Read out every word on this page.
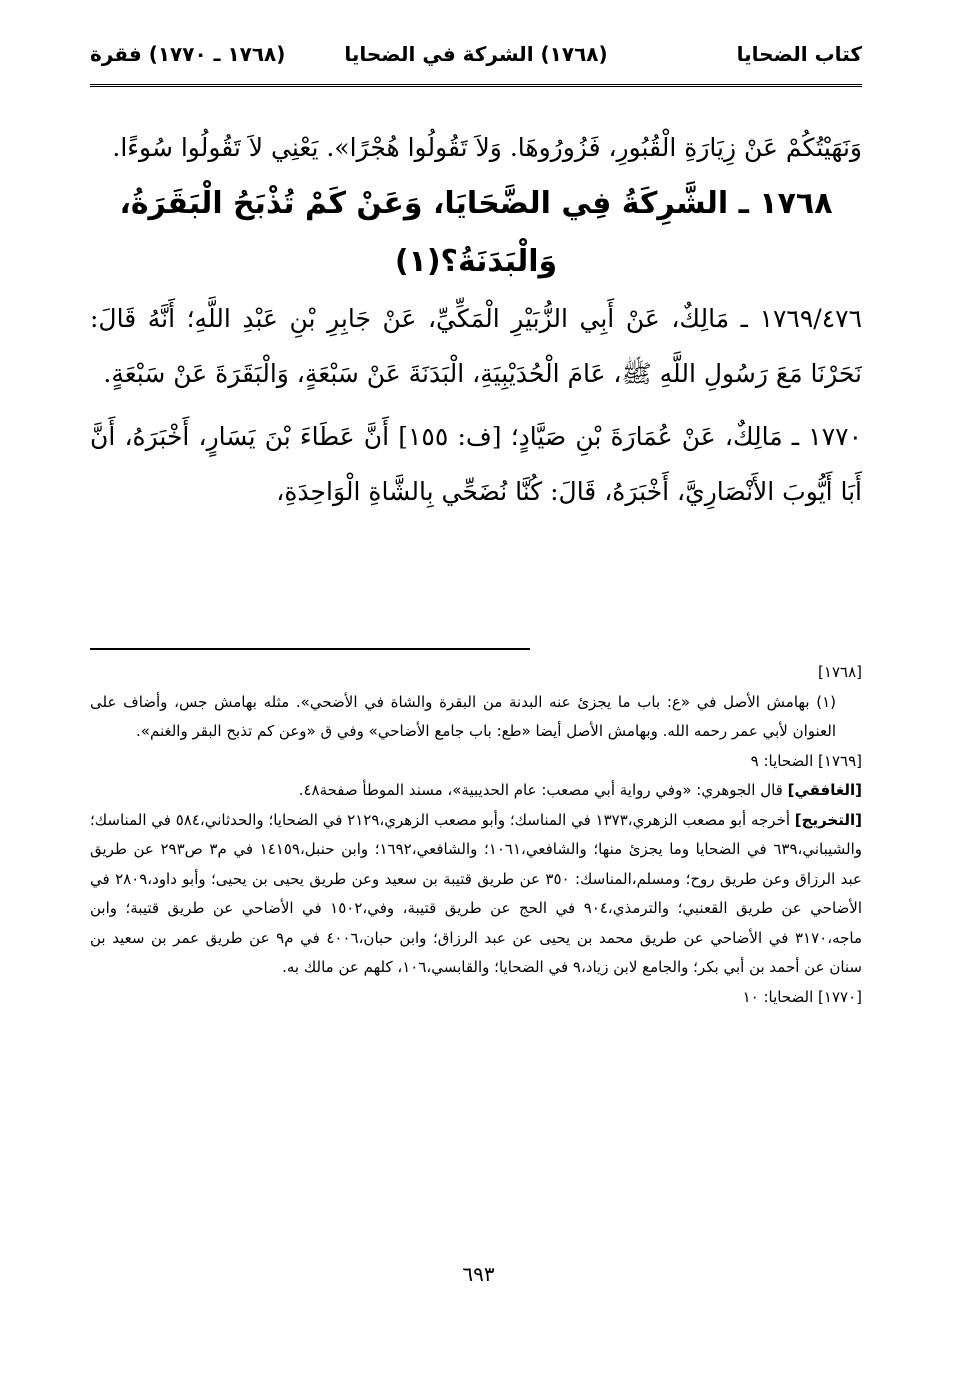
كتاب الضحايا
(١٧٦٨) الشركة في الضحايا
(١٧٦٨ ـ ١٧٧٠) فقرة

وَنَهَيْتُكُمْ عَنْ زِيَارَةِ الْقُبُورِ، فَزُورُوهَا. وَلاَ تَقُولُوا هُجْرًا». يَعْنِي لاَ تَقُولُوا سُوءًا.

١٧٦٨ ـ الشَّرِكَةُ فِي الضَّحَايَا، وَعَنْ كَمْ تُذْبَحُ الْبَقَرَةُ، وَالْبَدَنَةُ؟(١)

١٧٦٩/٤٧٦ ـ مَالِكٌ، عَنْ أَبِي الزُّبَيْرِ الْمَكِّيِّ، عَنْ جَابِرِ بْنِ عَبْدِ اللَّهِ؛ أَنَّهُ قَالَ: نَحَرْنَا مَعَ رَسُولِ اللَّهِ ﷺ، عَامَ الْحُدَيْبِيَةِ، الْبَدَنَةَ عَنْ سَبْعَةٍ، وَالْبَقَرَةَ عَنْ سَبْعَةٍ.

١٧٧٠ ـ مَالِكٌ، عَنْ عُمَارَةَ بْنِ صَيَّادٍ؛ [ف: ١٥٥] أَنَّ عَطَاءَ بْنَ يَسَارٍ، أَخْبَرَهُ، أَنَّ أَبَا أَيُّوبَ الأَنْصَارِيَّ، أَخْبَرَهُ، قَالَ: كُنَّا نُضَحِّي بِالشَّاةِ الْوَاحِدَةِ،

[١٧٦٨]

(١) بهامش الأصل في «ع: باب ما يجزئ عنه البدنة من البقرة والشاة في الأضحي». مثله بهامش جس، وأضاف على العنوان لأبي عمر رحمه الله. وبهامش الأصل أيضا «طع: باب جامع الأضاحي» وفي ق «وعن كم تذبح البقر والغنم».

[١٧٦٩] الضحايا: ٩

[الغافقي] قال الجوهري: «وفي رواية أبي مصعب: عام الحديبية»، مسند الموطأ صفحة٤٨.

[التخريج] أخرجه أبو مصعب الزهري،١٣٧٣ في المناسك؛ وأبو مصعب الزهري،٢١٢٩ في الضحايا؛ والحدثاني،٥٨٤ في المناسك؛ والشيباني،٦٣٩ في الضحايا وما يجزئ منها؛ والشافعي،١٠٦١؛ والشافعي،١٦٩٢؛ وابن حنبل،١٤١٥٩ في م٣ ص٢٩٣ عن طريق عبد الرزاق وعن طريق روح؛ ومسلم،المناسك: ٣٥٠ عن طريق قتيبة بن سعيد وعن طريق يحيى بن يحيى؛ وأبو داود،٢٨٠٩ في الأضاحي عن طريق القعنبي؛ والترمذي،٩٠٤ في الحج عن طريق قتيبة، وفي،١٥٠٢ في الأضاحي عن طريق قتيبة؛ وابن ماجه،٣١٧٠ في الأضاحي عن طريق محمد بن يحيى عن عبد الرزاق؛ وابن حبان،٤٠٠٦ في م٩ عن طريق عمر بن سعيد بن سنان عن أحمد بن أبي بكر؛ والجامع لابن زياد،٩ في الضحايا؛ والقابسي،١٠٦، كلهم عن مالك به.

[١٧٧٠] الضحايا: ١٠

٦٩٣
